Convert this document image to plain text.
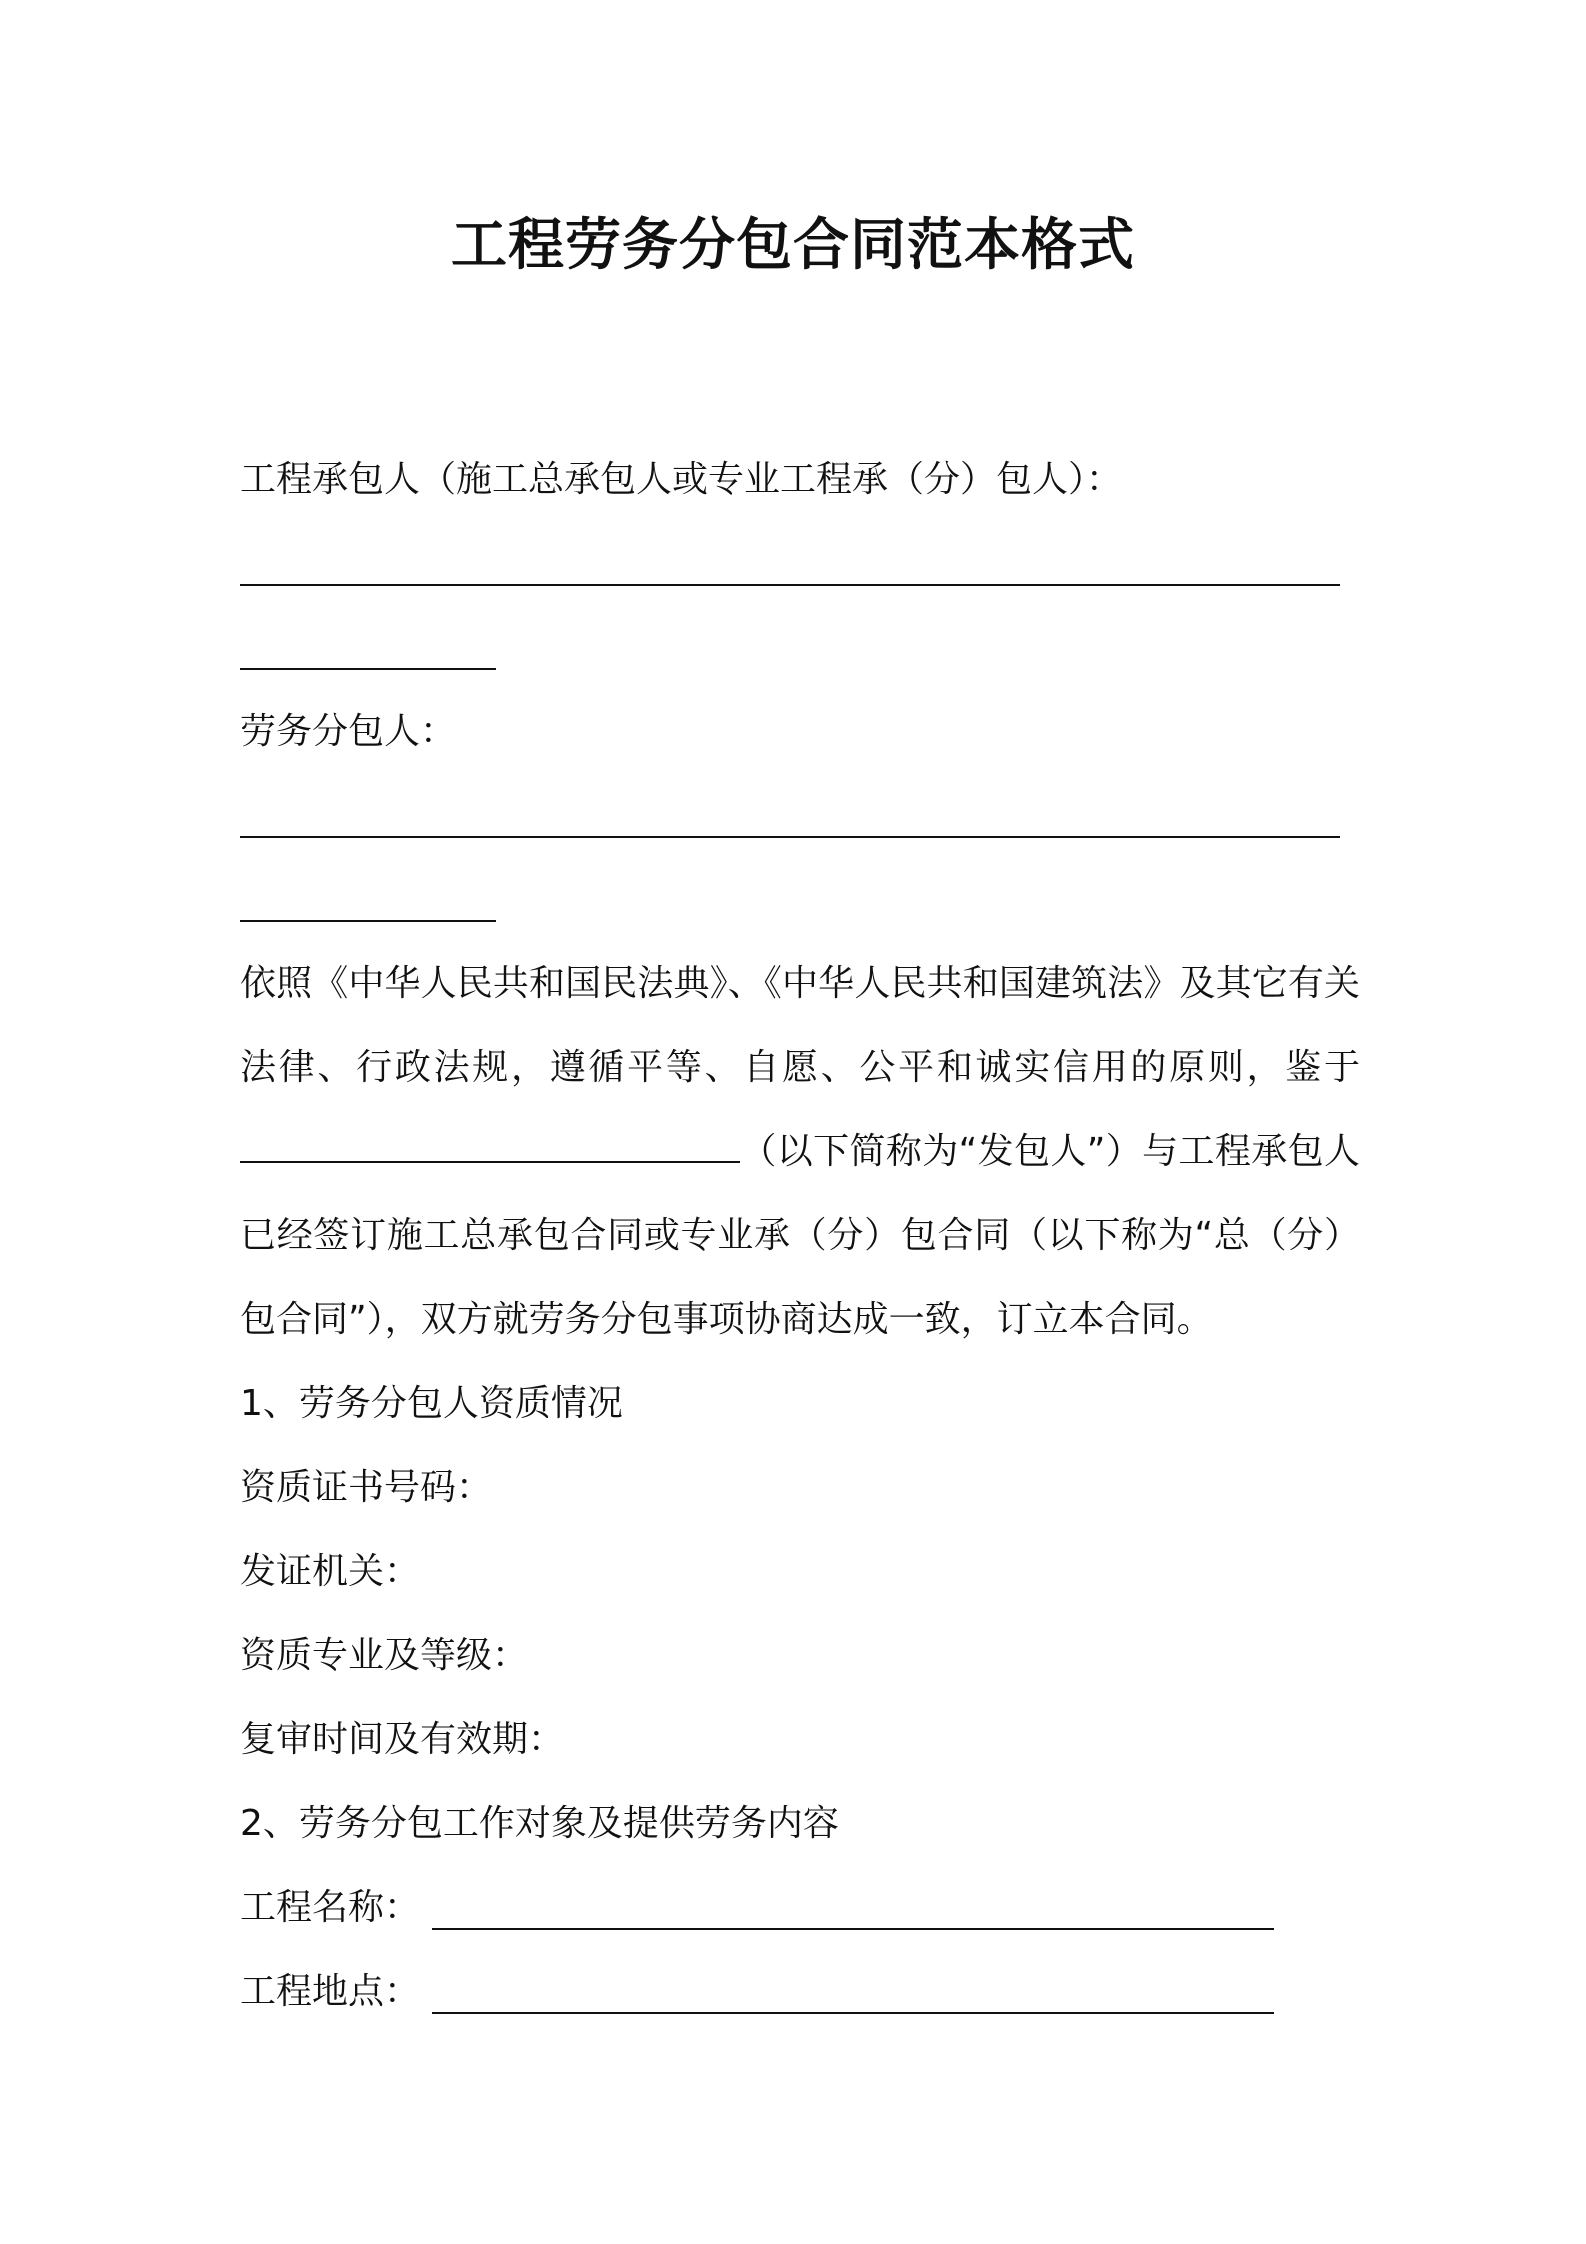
工程劳务分包合同范本格式
工程承包人（施工总承包人或专业工程承（分）包人）：
劳务分包人：
依照《中华人民共和国民法典》、《中华人民共和国建筑法》及其它有关法律、行政法规，遵循平等、自愿、公平和诚实信用的原则，鉴于（以下简称为“发包人”）与工程承包人已经签订施工总承包合同或专业承（分）包合同（以下称为“总（分）包合同”），双方就劳务分包事项协商达成一致，订立本合同。
1、劳务分包人资质情况
资质证书号码：
发证机关：
资质专业及等级：
复审时间及有效期：
2、劳务分包工作对象及提供劳务内容
工程名称：
工程地点：
